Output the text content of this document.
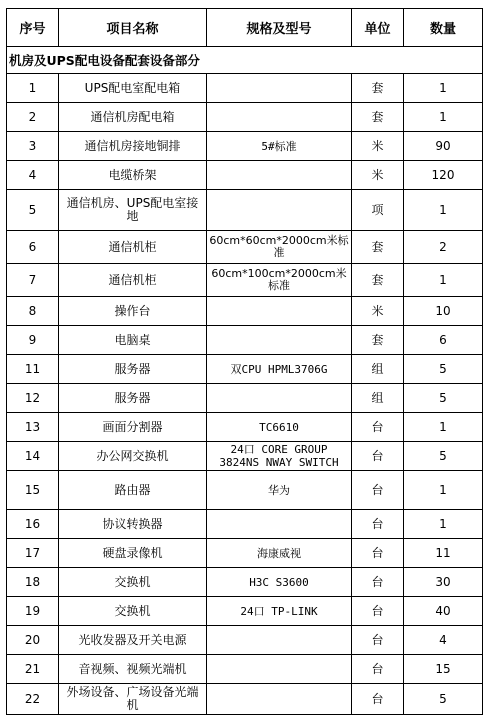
序号	项目名称	规格及型号	单位	数量
机房及UPS配电设备配套设备部分				
1	UPS配电室配电箱		套	1
2	通信机房配电箱		套	1
3	通信机房接地铜排	5#标准	米	90
4	电缆桥架		米	120
5	通信机房、UPS配电室接地		项	1
6	通信机柜	60cm*60cm*2000cm米标准	套	2
7	通信机柜	60cm*100cm*2000cm米标准	套	1
8	操作台		米	10
9	电脑桌		套	6
11	服务器	双CPU HPML3706G	组	5
12	服务器		组	5
13	画面分割器	TC6610	台	1
14	办公网交换机	24口 CORE GROUP 3824NS NWAY SWITCH	台	5
15	路由器	华为	台	1
16	协议转换器		台	1
17	硬盘录像机	海康威视	台	11
18	交换机	H3C S3600	台	30
19	交换机	24口 TP-LINK	台	40
20	光收发器及开关电源		台	4
21	音视频、视频光端机		台	15
22	外场设备、广场设备光端机		台	5
